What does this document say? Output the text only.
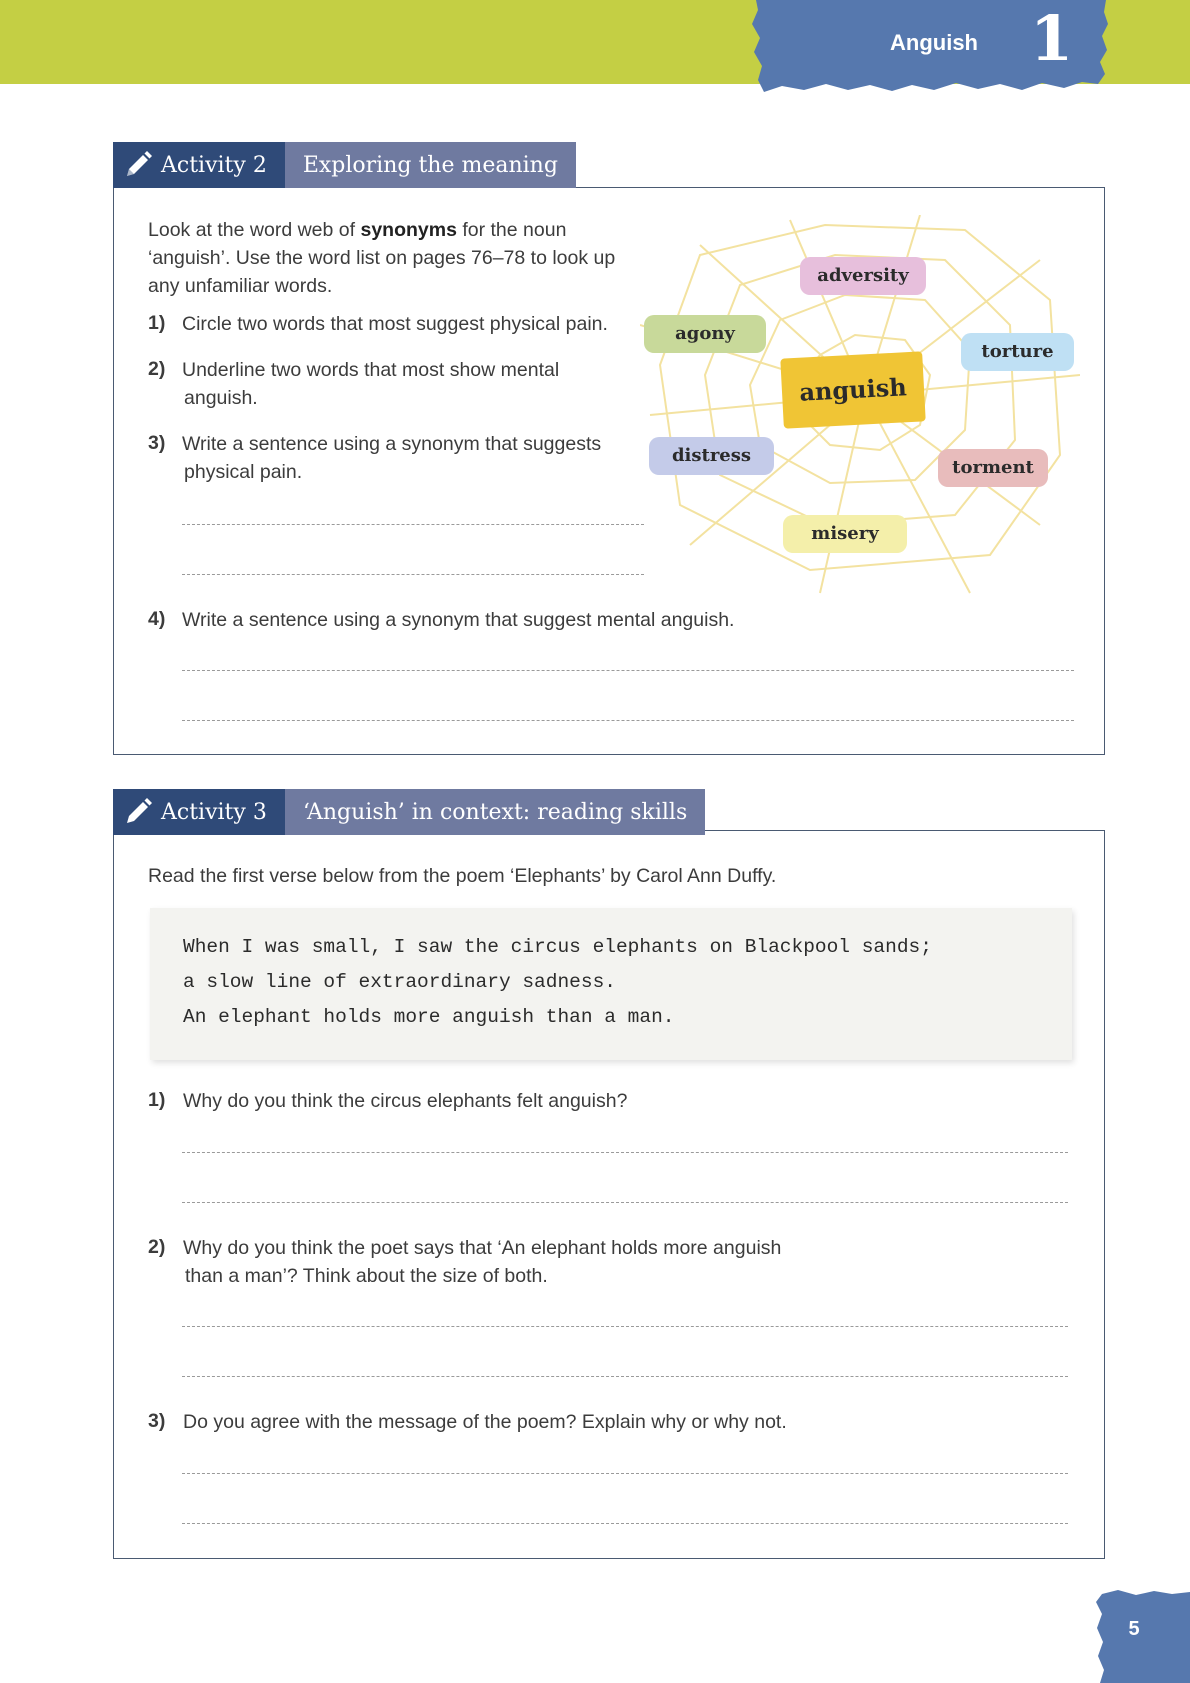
Anguish 1
Activity 2	Exploring the meaning
Look at the word web of synonyms for the noun
‘anguish’. Use the word list on pages 76–78 to look up
any unfamiliar words.
1) Circle two words that most suggest physical pain.
2) Underline two words that most show mental
anguish.
3) Write a sentence using a synonym that suggests
physical pain.
adversity
agony
torture
anguish
distress
torment
misery
4) Write a sentence using a synonym that suggest mental anguish.
Activity 3	‘Anguish’ in context: reading skills
Read the first verse below from the poem ‘Elephants’ by Carol Ann Duffy.
When I was small, I saw the circus elephants on Blackpool sands;
a slow line of extraordinary sadness.
An elephant holds more anguish than a man.
1) Why do you think the circus elephants felt anguish?
2) Why do you think the poet says that ‘An elephant holds more anguish
than a man’? Think about the size of both.
3) Do you agree with the message of the poem? Explain why or why not.
5
